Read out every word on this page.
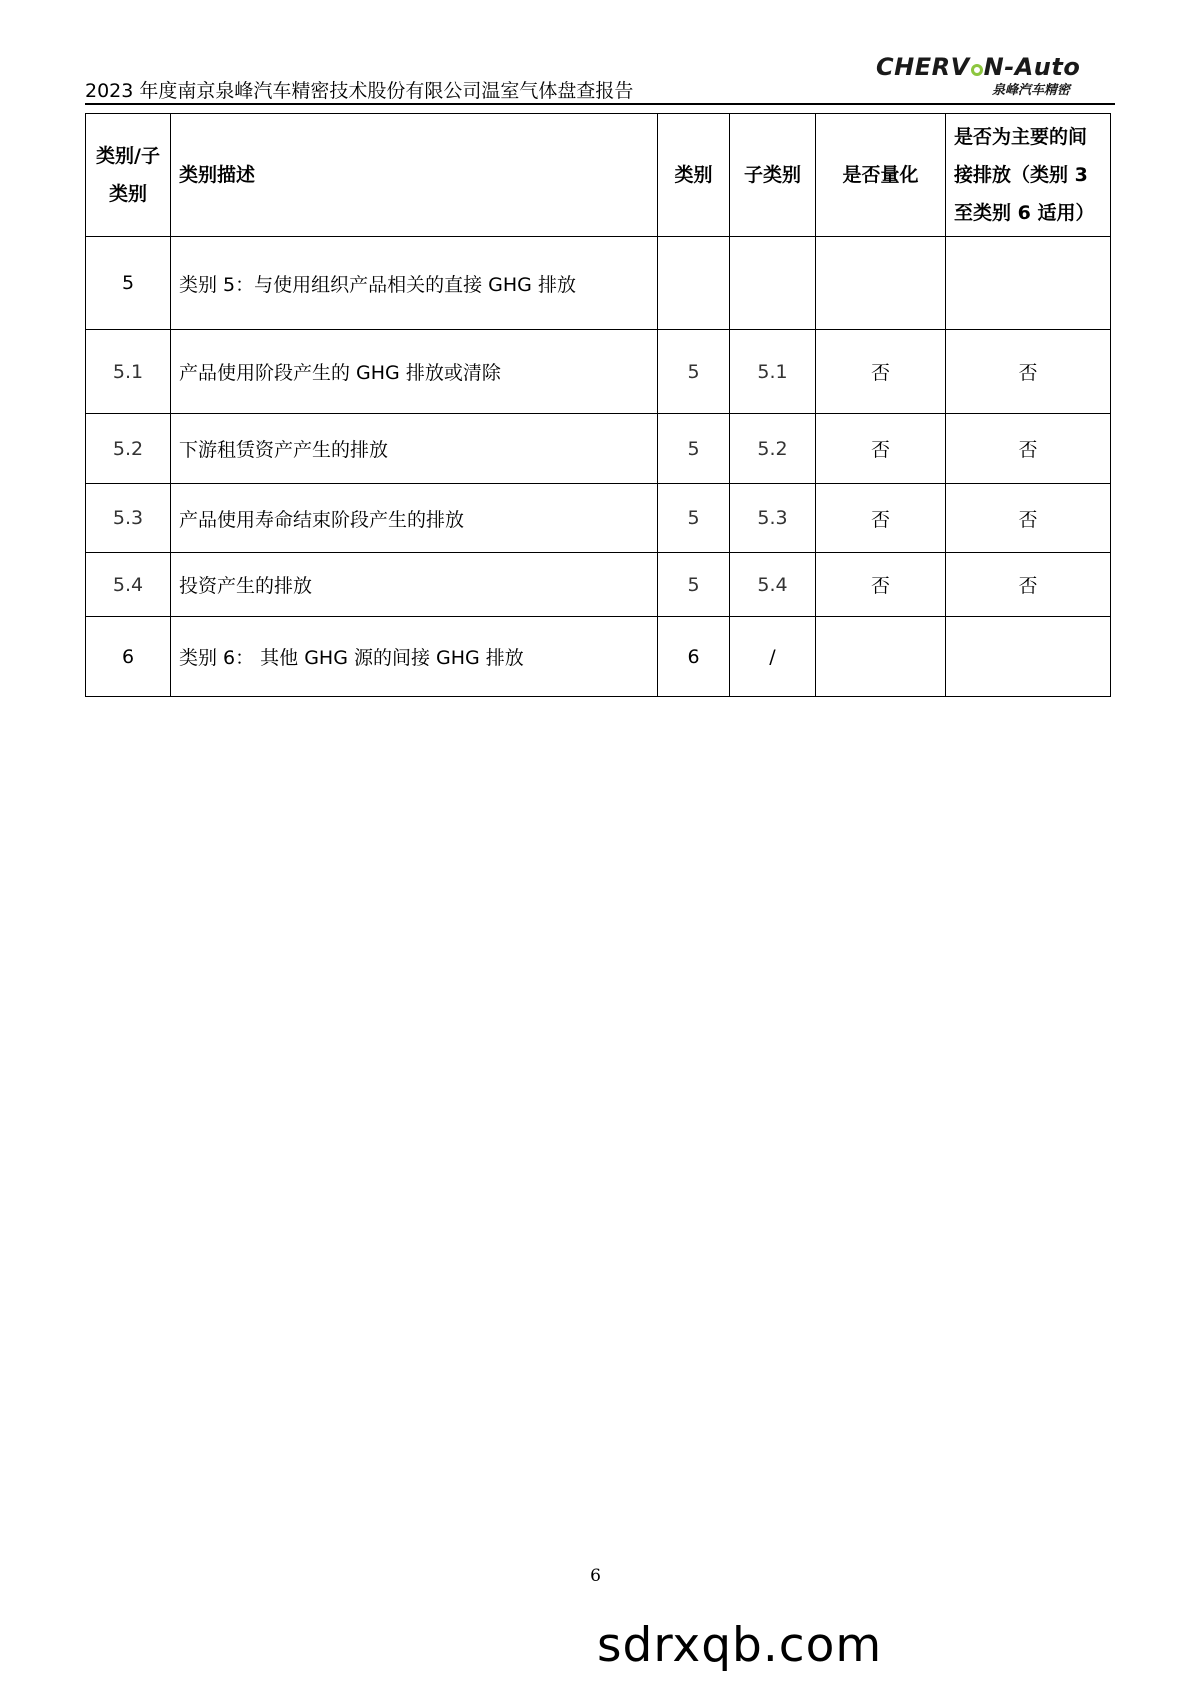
2023 年度南京泉峰汽车精密技术股份有限公司温室气体盘查报告
CHERV N-Auto
泉峰汽车精密
类别/子类别	类别描述	类别	子类别	是否量化	是否为主要的间接排放（类别 3 至类别 6 适用）
5	类别 5：与使用组织产品相关的直接 GHG 排放				
5.1	产品使用阶段产生的 GHG 排放或清除	5	5.1	否	否
5.2	下游租赁资产产生的排放	5	5.2	否	否
5.3	产品使用寿命结束阶段产生的排放	5	5.3	否	否
5.4	投资产生的排放	5	5.4	否	否
6	类别 6： 其他 GHG 源的间接 GHG 排放	6	/		
6
sdrxqb.com
